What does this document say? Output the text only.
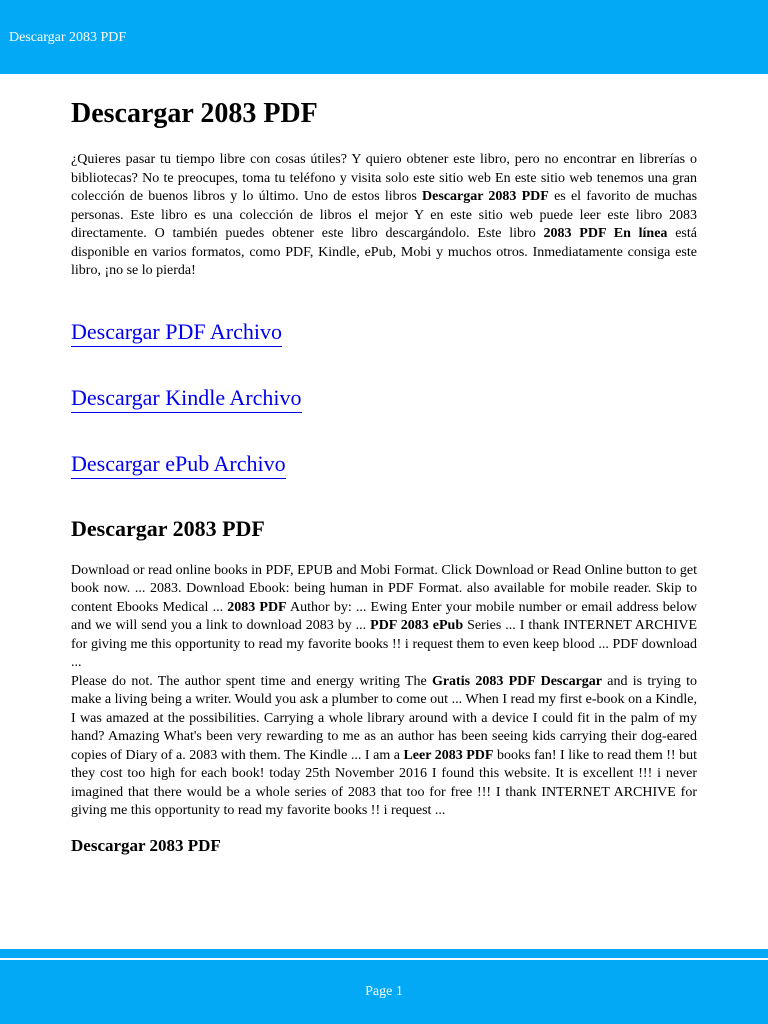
Descargar 2083 PDF
Descargar 2083 PDF

¿Quieres pasar tu tiempo libre con cosas útiles? Y quiero obtener este libro, pero no encontrar en librerías o bibliotecas? No te preocupes, toma tu teléfono y visita solo este sitio web En este sitio web tenemos una gran colección de buenos libros y lo último. Uno de estos libros Descargar 2083 PDF es el favorito de muchas personas. Este libro es una colección de libros el mejor Y en este sitio web puede leer este libro 2083 directamente. O también puedes obtener este libro descargándolo. Este libro 2083 PDF En línea está disponible en varios formatos, como PDF, Kindle, ePub, Mobi y muchos otros. Inmediatamente consiga este libro, ¡no se lo pierda!

Descargar PDF Archivo
Descargar Kindle Archivo
Descargar ePub Archivo
Descargar 2083 PDF

Download or read online books in PDF, EPUB and Mobi Format. Click Download or Read Online button to get book now. ... 2083. Download Ebook: being human in PDF Format. also available for mobile reader. Skip to content Ebooks Medical ... 2083 PDF Author by: ... Ewing Enter your mobile number or email address below and we will send you a link to download 2083 by ... PDF 2083 ePub Series ... I thank INTERNET ARCHIVE for giving me this opportunity to read my favorite books !! i request them to even keep blood ... PDF download ...

Please do not. The author spent time and energy writing The Gratis 2083 PDF Descargar and is trying to make a living being a writer. Would you ask a plumber to come out ... When I read my first e-book on a Kindle, I was amazed at the possibilities. Carrying a whole library around with a device I could fit in the palm of my hand? Amazing What's been very rewarding to me as an author has been seeing kids carrying their dog-eared copies of Diary of a. 2083 with them. The Kindle ... I am a Leer 2083 PDF books fan! I like to read them !! but they cost too high for each book! today 25th November 2016 I found this website. It is excellent !!! i never imagined that there would be a whole series of 2083 that too for free !!! I thank INTERNET ARCHIVE for giving me this opportunity to read my favorite books !! i request ...

Descargar 2083 PDF
Page 1
